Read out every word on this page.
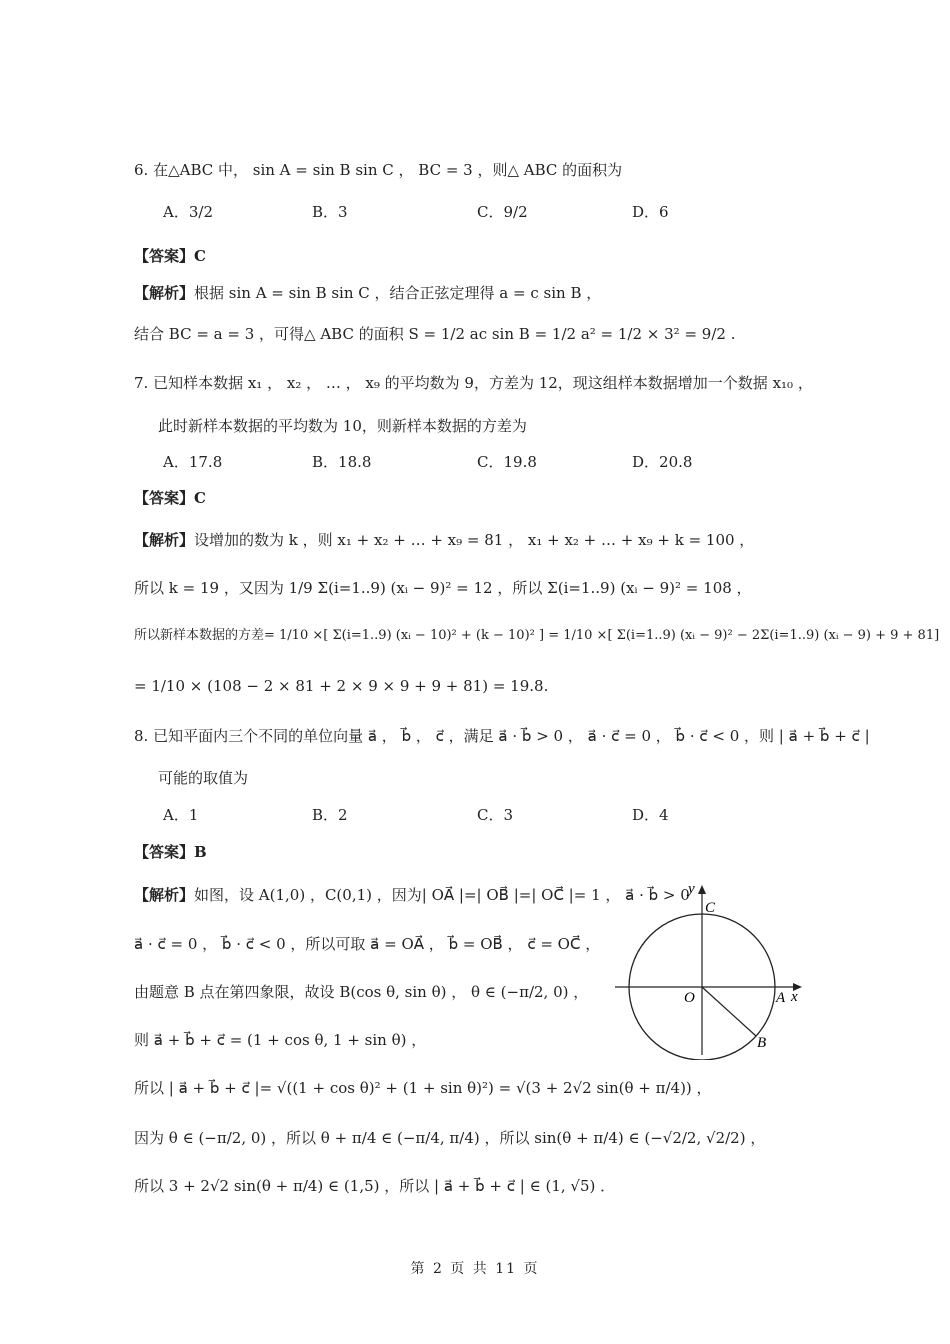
6. 在△ABC 中， sin A = sin B sin C ， BC = 3 ，则△ ABC 的面积为
A．3/2	B．3	C．9/2	D．6
【答案】C
【解析】根据 sin A = sin B sin C ，结合正弦定理得 a = c sin B ，
结合 BC = a = 3 ，可得△ ABC 的面积 S = 1/2 ac sin B = 1/2 a² = 1/2 × 3² = 9/2 .
7. 已知样本数据 x₁ ， x₂ ， … ， x₉ 的平均数为 9，方差为 12，现这组样本数据增加一个数据 x₁₀ ，
此时新样本数据的平均数为 10，则新样本数据的方差为
A．17.8	B．18.8	C．19.8	D．20.8
【答案】C
【解析】设增加的数为 k ，则 x₁ + x₂ + … + x₉ = 81 ， x₁ + x₂ + … + x₉ + k = 100 ，
所以 k = 19 ，又因为 1/9 Σ(i=1..9) (xᵢ − 9)² = 12 ，所以 Σ(i=1..9) (xᵢ − 9)² = 108 ，
所以新样本数据的方差= 1/10 ×[ Σ(i=1..9) (xᵢ − 10)² + (k − 10)² ] = 1/10 ×[ Σ(i=1..9) (xᵢ − 9)² − 2Σ(i=1..9) (xᵢ − 9) + 9 + 81]
= 1/10 × (108 − 2 × 81 + 2 × 9 × 9 + 9 + 81) = 19.8.
8. 已知平面内三个不同的单位向量 a⃗ ， b⃗ ， c⃗ ，满足 a⃗ · b⃗ > 0 ， a⃗ · c⃗ = 0 ， b⃗ · c⃗ < 0 ，则 | a⃗ + b⃗ + c⃗ |
可能的取值为
A．1	B．2	C．3	D．4
【答案】B
【解析】如图，设 A(1,0) ，C(0,1) ，因为| OA⃗ |=| OB⃗ |=| OC⃗ |= 1 ， a⃗ · b⃗ > 0
a⃗ · c⃗ = 0 ， b⃗ · c⃗ < 0 ，所以可取 a⃗ = OA⃗ ， b⃗ = OB⃗ ， c⃗ = OC⃗ ，
由题意 B 点在第四象限，故设 B(cos θ, sin θ) ， θ ∈ (−π/2, 0) ，
则 a⃗ + b⃗ + c⃗ = (1 + cos θ, 1 + sin θ) ，
所以 | a⃗ + b⃗ + c⃗ |= √((1 + cos θ)² + (1 + sin θ)²) = √(3 + 2√2 sin(θ + π/4)) ，
因为 θ ∈ (−π/2, 0) ，所以 θ + π/4 ∈ (−π/4, π/4) ，所以 sin(θ + π/4) ∈ (−√2/2, √2/2) ，
所以 3 + 2√2 sin(θ + π/4) ∈ (1,5) ，所以 | a⃗ + b⃗ + c⃗ | ∈ (1, √5) ．
y
C
O	A x
B
第 2 页 共 11 页
